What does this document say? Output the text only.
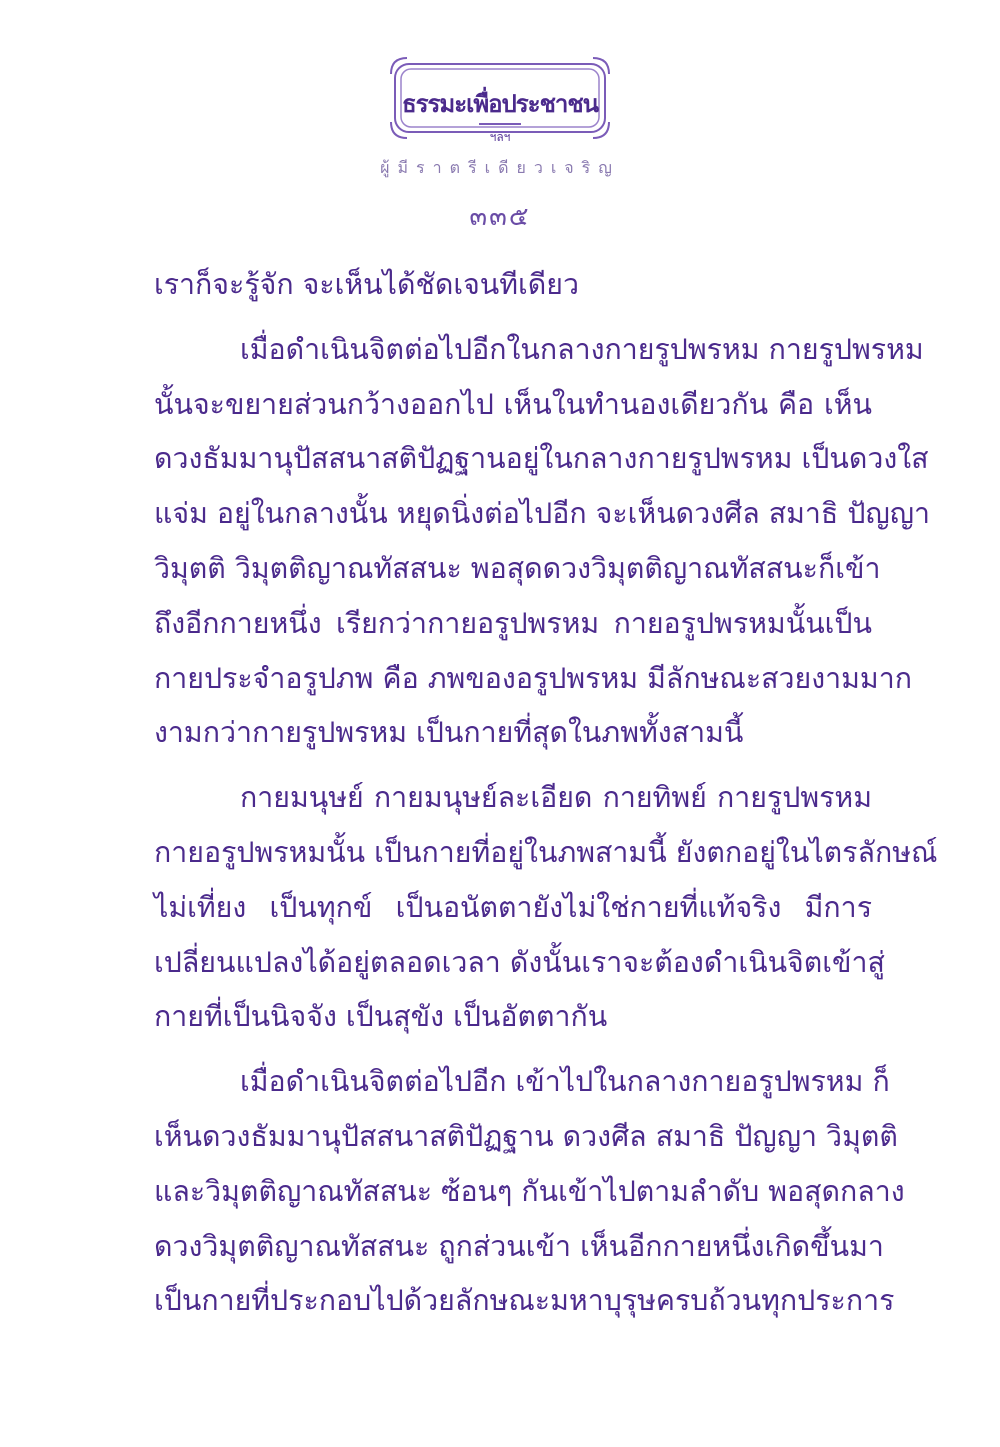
ธรรมะเพื่อประชาชน
ฯลฯ
ผู้มีราตรีเดียวเจริญ
๓๓๕
เราก็จะรู้จัก จะเห็นได้ชัดเจนทีเดียว
เมื่อดำเนินจิตต่อไปอีกในกลางกายรูปพรหม กายรูปพรหม
นั้นจะขยายส่วนกว้างออกไป เห็นในทำนองเดียวกัน คือ เห็น
ดวงธัมมานุปัสสนาสติปัฏฐานอยู่ในกลางกายรูปพรหม เป็นดวงใส
แจ่ม อยู่ในกลางนั้น หยุดนิ่งต่อไปอีก จะเห็นดวงศีล สมาธิ ปัญญา
วิมุตติ วิมุตติญาณทัสสนะ พอสุดดวงวิมุตติญาณทัสสนะก็เข้า
ถึงอีกกายหนึ่ง เรียกว่ากายอรูปพรหม กายอรูปพรหมนั้นเป็น
กายประจำอรูปภพ คือ ภพของอรูปพรหม มีลักษณะสวยงามมาก
งามกว่ากายรูปพรหม เป็นกายที่สุดในภพทั้งสามนี้
กายมนุษย์ กายมนุษย์ละเอียด กายทิพย์ กายรูปพรหม
กายอรูปพรหมนั้น เป็นกายที่อยู่ในภพสามนี้ ยังตกอยู่ในไตรลักษณ์
ไม่เที่ยง เป็นทุกข์ เป็นอนัตตายังไม่ใช่กายที่แท้จริง มีการ
เปลี่ยนแปลงได้อยู่ตลอดเวลา ดังนั้นเราจะต้องดำเนินจิตเข้าสู่
กายที่เป็นนิจจัง เป็นสุขัง เป็นอัตตากัน
เมื่อดำเนินจิตต่อไปอีก เข้าไปในกลางกายอรูปพรหม ก็
เห็นดวงธัมมานุปัสสนาสติปัฏฐาน ดวงศีล สมาธิ ปัญญา วิมุตติ
และวิมุตติญาณทัสสนะ ซ้อนๆ กันเข้าไปตามลำดับ พอสุดกลาง
ดวงวิมุตติญาณทัสสนะ ถูกส่วนเข้า เห็นอีกกายหนึ่งเกิดขึ้นมา
เป็นกายที่ประกอบไปด้วยลักษณะมหาบุรุษครบถ้วนทุกประการ
